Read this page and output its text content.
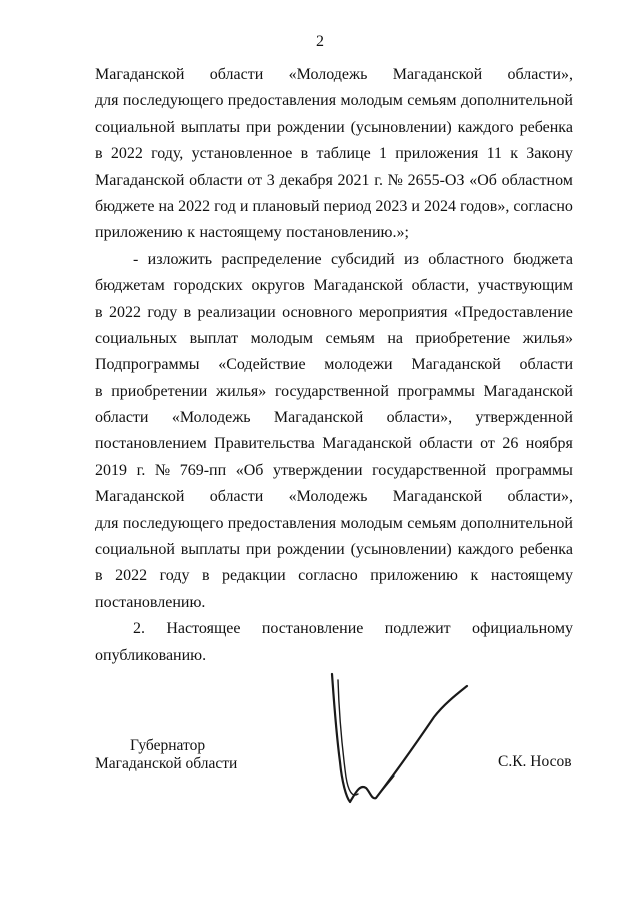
2
Магаданской области «Молодежь Магаданской области»,
для последующего предоставления молодым семьям дополнительной
социальной выплаты при рождении (усыновлении) каждого ребенка
в 2022 году, установленное в таблице 1 приложения 11 к Закону
Магаданской области от 3 декабря 2021 г. № 2655-ОЗ «Об областном
бюджете на 2022 год и плановый период 2023 и 2024 годов», согласно
приложению к настоящему постановлению.»;
- изложить распределение субсидий из областного бюджета
бюджетам городских округов Магаданской области, участвующим
в 2022 году в реализации основного мероприятия «Предоставление
социальных выплат молодым семьям на приобретение жилья»
Подпрограммы «Содействие молодежи Магаданской области
в приобретении жилья» государственной программы Магаданской
области «Молодежь Магаданской области», утвержденной
постановлением Правительства Магаданской области от 26 ноября
2019 г. № 769-пп «Об утверждении государственной программы
Магаданской области «Молодежь Магаданской области»,
для последующего предоставления молодым семьям дополнительной
социальной выплаты при рождении (усыновлении) каждого ребенка
в 2022 году в редакции согласно приложению к настоящему
постановлению.
2. Настоящее постановление подлежит официальному
опубликованию.
Губернатор
Магаданской области	С.К. Носов
